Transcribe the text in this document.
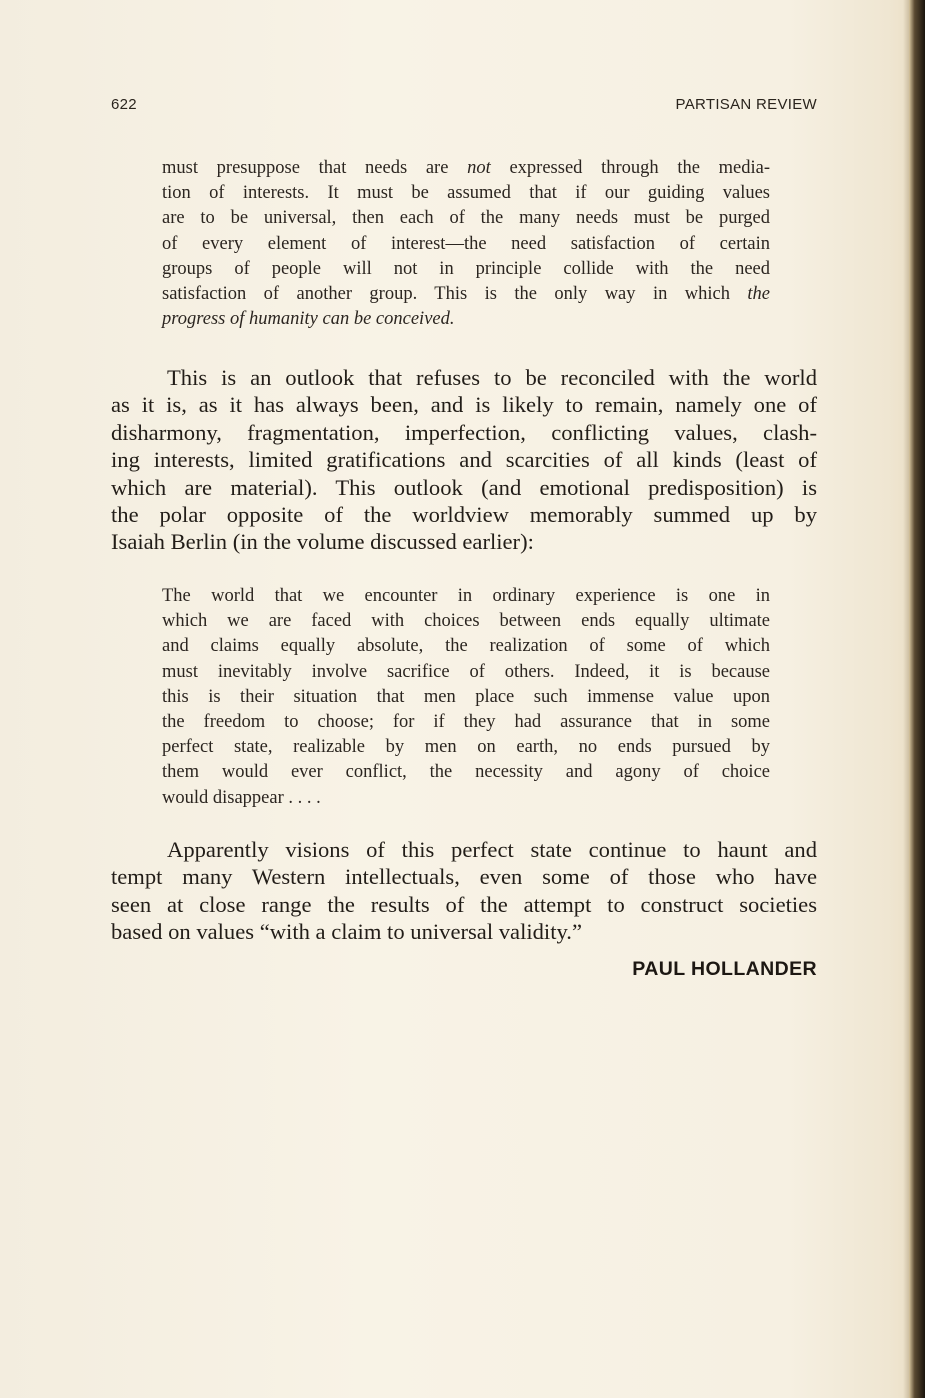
622	PARTISAN REVIEW
must presuppose that needs are not expressed through the media-
tion of interests. It must be assumed that if our guiding values
are to be universal, then each of the many needs must be purged
of every element of interest—the need satisfaction of certain
groups of people will not in principle collide with the need
satisfaction of another group. This is the only way in which the
progress of humanity can be conceived.
This is an outlook that refuses to be reconciled with the world
as it is, as it has always been, and is likely to remain, namely one of
disharmony, fragmentation, imperfection, conflicting values, clash-
ing interests, limited gratifications and scarcities of all kinds (least of
which are material). This outlook (and emotional predisposition) is
the polar opposite of the worldview memorably summed up by
Isaiah Berlin (in the volume discussed earlier):
The world that we encounter in ordinary experience is one in
which we are faced with choices between ends equally ultimate
and claims equally absolute, the realization of some of which
must inevitably involve sacrifice of others. Indeed, it is because
this is their situation that men place such immense value upon
the freedom to choose; for if they had assurance that in some
perfect state, realizable by men on earth, no ends pursued by
them would ever conflict, the necessity and agony of choice
would disappear . . . .
Apparently visions of this perfect state continue to haunt and
tempt many Western intellectuals, even some of those who have
seen at close range the results of the attempt to construct societies
based on values “with a claim to universal validity.”
PAUL HOLLANDER
